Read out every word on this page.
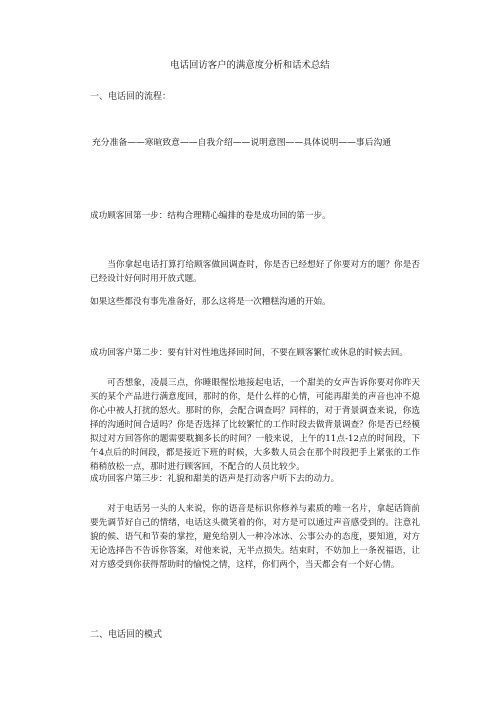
电话回访客户的满意度分析和话术总结

一、电话回的流程：

充分准备——寒暄致意——自我介绍——说明意图——具体说明——事后沟通

成功顾客回第一步：结构合理精心编排的卷是成功回的第一步。

当你拿起电话打算打给顾客做回调查时，你是否已经想好了你要对方的题？你是否已经设计好何时用开放式题。

如果这些都没有事先准备好，那么这将是一次糟糕沟通的开始。

成功回客户第二步：要有针对性地选择回时间，不要在顾客繁忙或休息的时候去回。

可否想象，凌晨三点，你睡眼惺忪地接起电话，一个甜美的女声告诉你要对你昨天买的某个产品进行满意度回，那时的你，是什么样的心情，可能再甜美的声音也冲不熄你心中被人打扰的怒火。那时的你，会配合调查吗？同样的，对于背景调查来说，你选择的沟通时间合适吗？你是否选择了比较繁忙的工作时段去做背景调查？你是否已经模拟过对方回答你的题需要耽搁多长的时间？一般来说，上午的11点-12点的时间段，下午4点后的时间段，都是接近下班的时候，大多数人员会在那个时段把手上紧张的工作稍稍放松一点，那时进行顾客回，不配合的人员比较少。

成功回客户第三步：礼貌和甜美的语声是打动客户听下去的动力。

对于电话另一头的人来说，你的语音是标识你修养与素质的唯一名片，拿起话筒前要先调节好自己的情绪，电话这头微笑着的你，对方是可以通过声音感受到的。注意礼貌的候、语气和节奏的掌控，避免给别人一种冷冰冰、公事公办的态度，要知道，对方无论选择告不告诉你答案，对他来说，无半点损失。结束时，不妨加上一条祝福语，让对方感受到你获得帮助时的愉悦之情，这样，你们两个，当天都会有一个好心情。

二、电话回的模式
